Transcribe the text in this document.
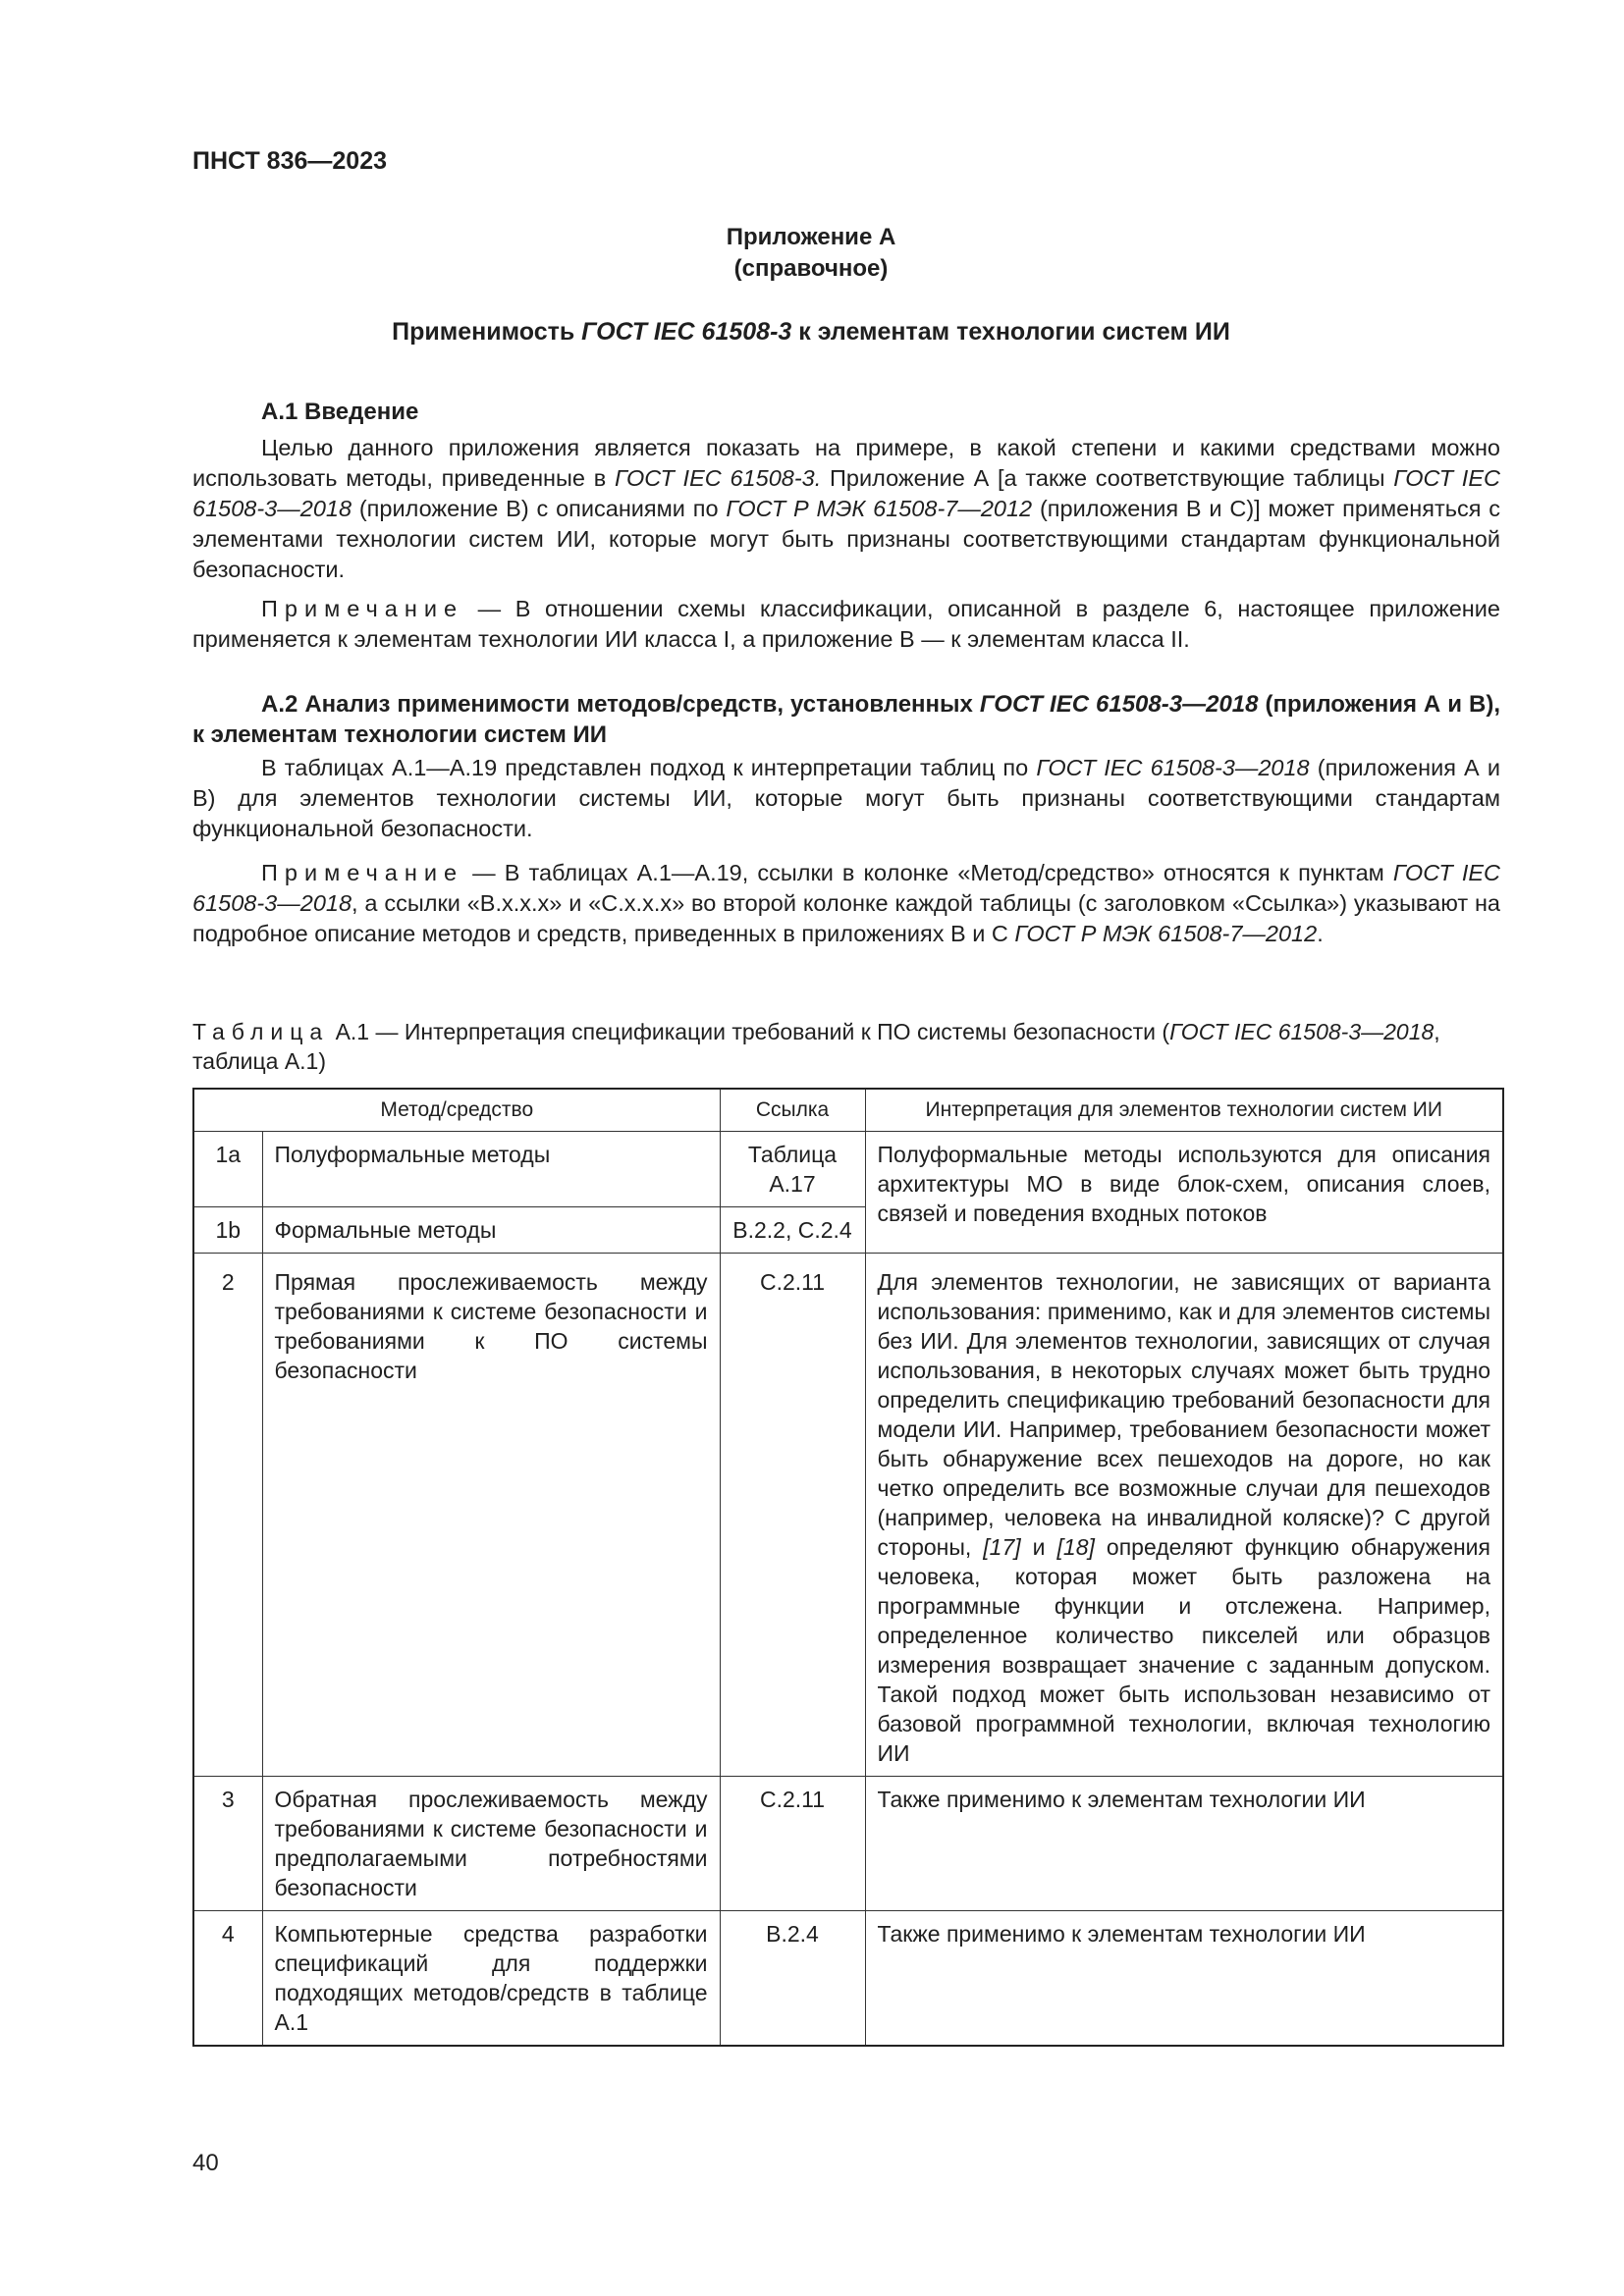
ПНСТ 836—2023
Приложение А
(справочное)
Применимость ГОСТ IEC 61508-3 к элементам технологии систем ИИ
А.1 Введение
Целью данного приложения является показать на примере, в какой степени и какими средствами можно использовать методы, приведенные в ГОСТ IEC 61508-3. Приложение А [а также соответствующие таблицы ГОСТ IEC 61508-3—2018 (приложение В) с описаниями по ГОСТ Р МЭК 61508-7—2012 (приложения В и С)] может применяться с элементами технологии систем ИИ, которые могут быть признаны соответствующими стандартам функциональной безопасности.
Примечание — В отношении схемы классификации, описанной в разделе 6, настоящее приложение применяется к элементам технологии ИИ класса I, а приложение В — к элементам класса II.
А.2 Анализ применимости методов/средств, установленных ГОСТ IEC 61508-3—2018 (приложения А и В), к элементам технологии систем ИИ
В таблицах А.1—А.19 представлен подход к интерпретации таблиц по ГОСТ IEC 61508-3—2018 (приложения А и В) для элементов технологии системы ИИ, которые могут быть признаны соответствующими стандартам функциональной безопасности.
Примечание — В таблицах А.1—А.19, ссылки в колонке «Метод/средство» относятся к пунктам ГОСТ IEC 61508-3—2018, а ссылки «B.x.x.x» и «C.x.x.x» во второй колонке каждой таблицы (с заголовком «Ссылка») указывают на подробное описание методов и средств, приведенных в приложениях В и С ГОСТ Р МЭК 61508-7—2012.
Таблица А.1 — Интерпретация спецификации требований к ПО системы безопасности (ГОСТ IEC 61508-3—2018, таблица А.1)
Метод/средство		Ссылка	Интерпретация для элементов технологии систем ИИ
1a	Полуформальные методы	Таблица А.17	Полуформальные методы используются для описания архитектуры МО в виде блок-схем, описания слоев, связей и поведения входных потоков
1b	Формальные методы	B.2.2, C.2.4	
2	Прямая прослеживаемость между требованиями к системе безопасности и требованиями к ПО системы безопасности	C.2.11	Для элементов технологии, не зависящих от варианта использования: применимо, как и для элементов системы без ИИ. Для элементов технологии, зависящих от случая использования, в некоторых случаях может быть трудно определить спецификацию требований безопасности для модели ИИ. Например, требованием безопасности может быть обнаружение всех пешеходов на дороге, но как четко определить все возможные случаи для пешеходов (например, человека на инвалидной коляске)? С другой стороны, [17] и [18] определяют функцию обнаружения человека, которая может быть разложена на программные функции и отслежена. Например, определенное количество пикселей или образцов измерения возвращает значение с заданным допуском. Такой подход может быть использован независимо от базовой программной технологии, включая технологию ИИ
3	Обратная прослеживаемость между требованиями к системе безопасности и предполагаемыми потребностями безопасности	C.2.11	Также применимо к элементам технологии ИИ
4	Компьютерные средства разработки спецификаций для поддержки подходящих методов/средств в таблице А.1	B.2.4	Также применимо к элементам технологии ИИ
40
